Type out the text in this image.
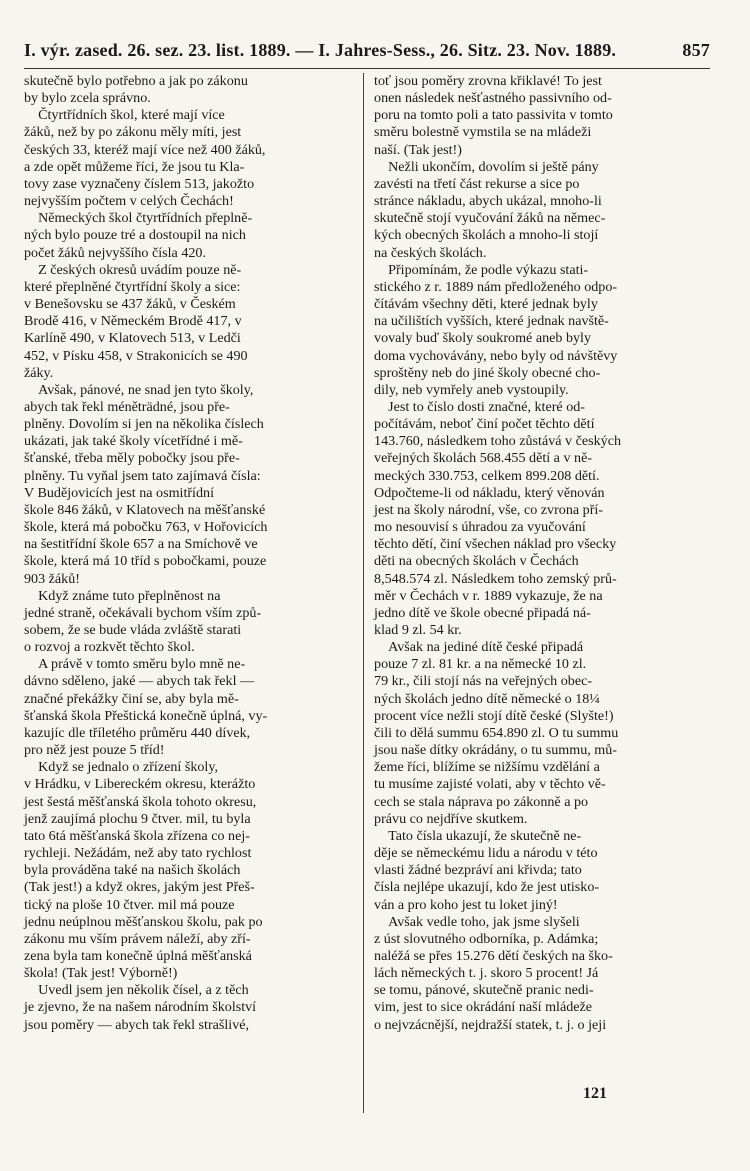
I. výr. zased. 26. sez. 23. list. 1889. — I. Jahres-Sess., 26. Sitz. 23. Nov. 1889.	857

skutečně bylo potřebno a jak po zákonu
by bylo zcela správno.

Čtyrtřídních škol, které mají více
žáků, než by po zákonu měly míti, jest
českých 33, kteréž mají více než 400 žáků,
a zde opět můžeme říci, že jsou tu Kla-
tovy zase vyznačeny číslem 513, jakožto
nejvyšším počtem v celých Čechách!

Německých škol čtyrtřídních přeplně-
ných bylo pouze tré a dostoupil na nich
počet žáků nejvyššího čísla 420.

Z českých okresů uvádím pouze ně-
které přeplněné čtyrtřídní školy a sice:
v Benešovsku se 437 žáků, v Českém
Brodě 416, v Německém Brodě 417, v
Karlíně 490, v Klatovech 513, v Ledči
452, v Písku 458, v Strakonicích se 490
žáky.

Avšak, pánové, ne snad jen tyto školy,
abych tak řekl méněträdné, jsou pře-
plněny. Dovolím si jen na několika číslech
ukázati, jak také školy vícetřídné i mě-
šťanské, třeba měly pobočky jsou pře-
plněny. Tu vyňal jsem tato zajímavá čísla:
V Budějovicích jest na osmitřídní
škole 846 žáků, v Klatovech na měšťanské
škole, která má pobočku 763, v Hořovicích
na šestitřídní škole 657 a na Smíchově ve
škole, která má 10 tříd s pobočkami, pouze
903 žáků!

Když známe tuto přeplněnost na
jedné straně, očekávali bychom vším způ-
sobem, že se bude vláda zvláště starati
o rozvoj a rozkvět těchto škol.

A právě v tomto směru bylo mně ne-
dávno sděleno, jaké — abych tak řekl —
značné překážky činí se, aby byla mě-
šťanská škola Přeštická konečně úplná, vy-
kazujíc dle tříletého průměru 440 dívek,
pro něž jest pouze 5 tříd!

Když se jednalo o zřízení školy,
v Hrádku, v Libereckém okresu, kterážto
jest šestá měšťanská škola tohoto okresu,
jenž zaujímá plochu 9 čtver. mil, tu byla
tato 6tá měšťanská škola zřízena co nej-
rychleji. Nežádám, než aby tato rychlost
byla prováděna také na našich školách
(Tak jest!) a když okres, jakým jest Přeš-
tický na ploše 10 čtver. mil má pouze
jednu neúplnou měšťanskou školu, pak po
zákonu mu vším právem náleží, aby zří-
zena byla tam konečně úplná měšťanská
škola! (Tak jest! Výborně!)

Uvedl jsem jen několik čísel, a z těch
je zjevno, že na našem národním školství
jsou poměry — abych tak řekl strašlivé,

toť jsou poměry zrovna křiklavé! To jest
onen následek nešťastného passivního od-
poru na tomto poli a tato passivita v tomto
směru bolestně vymstila se na mládeži
naší. (Tak jest!)

Nežli ukončím, dovolím si ještě pány
zavésti na třetí část rekurse a sice po
stránce nákladu, abych ukázal, mnoho-li
skutečně stojí vyučování žáků na němec-
kých obecných školách a mnoho-li stojí
na českých školách.

Připomínám, že podle výkazu stati-
stického z r. 1889 nám předloženého odpo-
čítávám všechny děti, které jednak byly
na učilištích vyšších, které jednak navště-
vovaly buď školy soukromé aneb byly
doma vychovávány, nebo byly od návštěvy
sproštěny neb do jiné školy obecné cho-
dily, neb vymřely aneb vystoupily.

Jest to číslo dosti značné, které od-
počítávám, neboť činí počet těchto dětí
143.760, následkem toho zůstává v českých
veřejných školách 568.455 dětí a v ně-
meckých 330.753, celkem 899.208 dětí.
Odpočteme-li od nákladu, který věnován
jest na školy národní, vše, co zvrona pří-
mo nesouvisí s úhradou za vyučování
těchto dětí, činí všechen náklad pro všecky
děti na obecných školách v Čechách
8,548.574 zl. Následkem toho zemský prů-
měr v Čechách v r. 1889 vykazuje, že na
jedno dítě ve škole obecné připadá ná-
klad 9 zl. 54 kr.

Avšak na jediné dítě české připadá
pouze 7 zl. 81 kr. a na německé 10 zl.
79 kr., čili stojí nás na veřejných obec-
ných školách jedno dítě německé o 18¼
procent více nežli stojí dítě české (Slyšte!)
čili to dělá summu 654.890 zl. O tu summu
jsou naše dítky okrádány, o tu summu, mů-
žeme říci, blížíme se nižšímu vzdělání a
tu musíme zajisté volati, aby v těchto vě-
cech se stala náprava po zákonně a po
právu co nejdříve skutkem.

Tato čísla ukazují, že skutečně ne-
děje se německému lidu a národu v této
vlasti žádné bezpráví ani křivda; tato
čísla nejlépe ukazují, kdo že jest utisko-
ván a pro koho jest tu loket jiný!

Avšak vedle toho, jak jsme slyšeli
z úst slovutného odborníka, p. Adámka;
naléžá se přes 15.276 dětí českých na ško-
lách německých t. j. skoro 5 procent! Já
se tomu, pánové, skutečně pranic nedi-
vim, jest to sice okrádání naší mládeže
o nejvzácnější, nejdražší statek, t. j. o jeji

121
